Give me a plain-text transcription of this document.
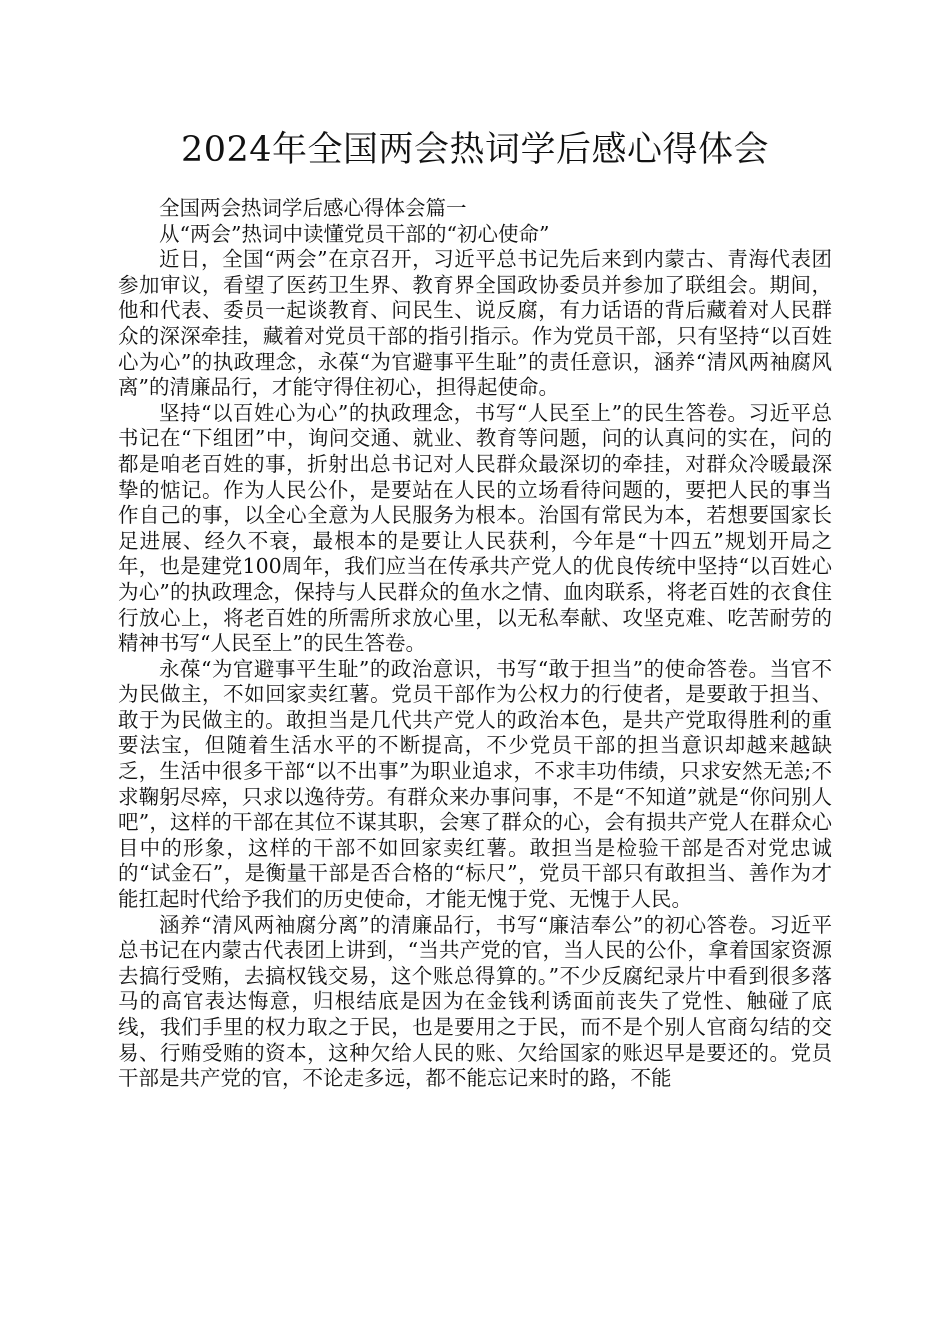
2024年全国两会热词学后感心得体会

全国两会热词学后感心得体会篇一

从“两会”热词中读懂党员干部的“初心使命”

近日，全国“两会”在京召开，习近平总书记先后来到内蒙古、青海代表团参加审议，看望了医药卫生界、教育界全国政协委员并参加了联组会。期间，他和代表、委员一起谈教育、问民生、说反腐，有力话语的背后藏着对人民群众的深深牵挂，藏着对党员干部的指引指示。作为党员干部，只有坚持“以百姓心为心”的执政理念，永葆“为官避事平生耻”的责任意识，涵养“清风两袖腐风离”的清廉品行，才能守得住初心，担得起使命。

坚持“以百姓心为心”的执政理念，书写“人民至上”的民生答卷。习近平总书记在“下组团”中，询问交通、就业、教育等问题，问的认真问的实在，问的都是咱老百姓的事，折射出总书记对人民群众最深切的牵挂，对群众冷暖最深挚的惦记。作为人民公仆，是要站在人民的立场看待问题的，要把人民的事当作自己的事，以全心全意为人民服务为根本。治国有常民为本，若想要国家长足进展、经久不衰，最根本的是要让人民获利，今年是“十四五”规划开局之年，也是建党100周年，我们应当在传承共产党人的优良传统中坚持“以百姓心为心”的执政理念，保持与人民群众的鱼水之情、血肉联系，将老百姓的衣食住行放心上，将老百姓的所需所求放心里，以无私奉献、攻坚克难、吃苦耐劳的精神书写“人民至上”的民生答卷。

永葆“为官避事平生耻”的政治意识，书写“敢于担当”的使命答卷。当官不为民做主，不如回家卖红薯。党员干部作为公权力的行使者，是要敢于担当、敢于为民做主的。敢担当是几代共产党人的政治本色，是共产党取得胜利的重要法宝，但随着生活水平的不断提高，不少党员干部的担当意识却越来越缺乏，生活中很多干部“以不出事”为职业追求，不求丰功伟绩，只求安然无恙;不求鞠躬尽瘁，只求以逸待劳。有群众来办事问事，不是“不知道”就是“你问别人吧”，这样的干部在其位不谋其职，会寒了群众的心，会有损共产党人在群众心目中的形象，这样的干部不如回家卖红薯。敢担当是检验干部是否对党忠诚的“试金石”，是衡量干部是否合格的“标尺”，党员干部只有敢担当、善作为才能扛起时代给予我们的历史使命，才能无愧于党、无愧于人民。

涵养“清风两袖腐分离”的清廉品行，书写“廉洁奉公”的初心答卷。习近平总书记在内蒙古代表团上讲到，“当共产党的官，当人民的公仆，拿着国家资源去搞行受贿，去搞权钱交易，这个账总得算的。”不少反腐纪录片中看到很多落马的高官表达悔意，归根结底是因为在金钱利诱面前丧失了党性、触碰了底线，我们手里的权力取之于民，也是要用之于民，而不是个别人官商勾结的交易、行贿受贿的资本，这种欠给人民的账、欠给国家的账迟早是要还的。党员干部是共产党的官，不论走多远，都不能忘记来时的路，不能
